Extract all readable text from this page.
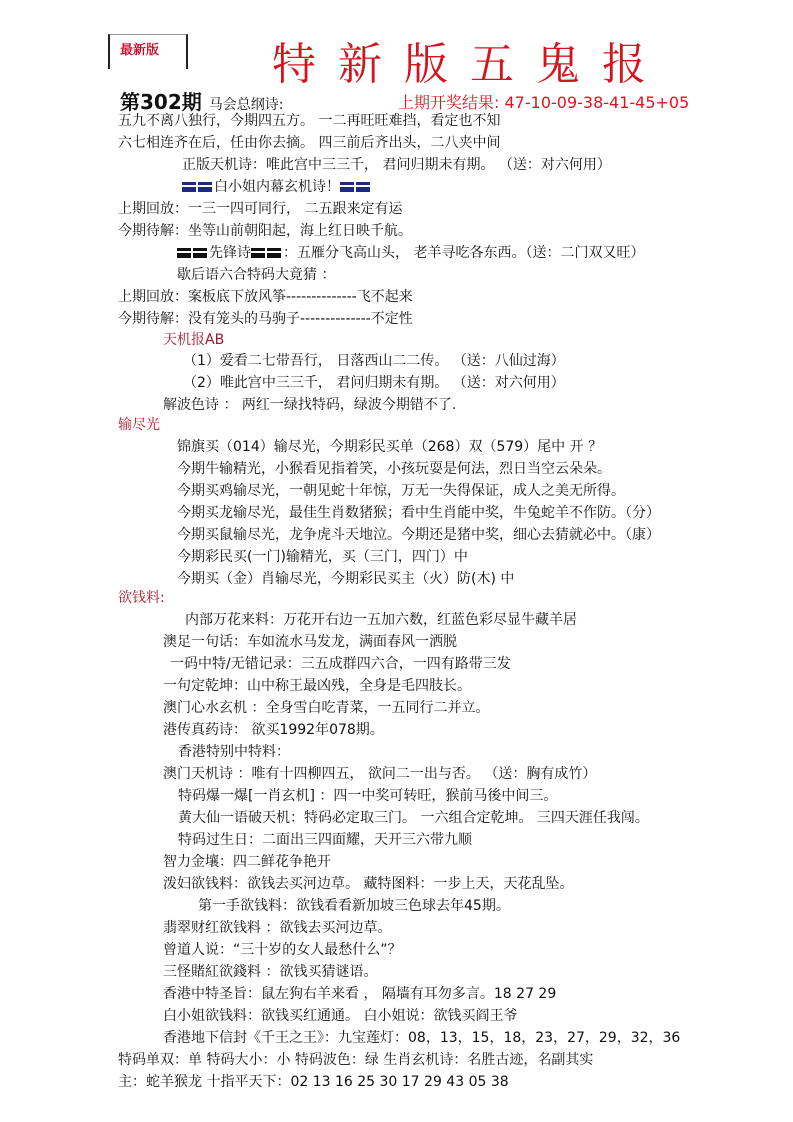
最新版	特新版五鬼报
第302期 马会总纲诗:	上期开奖结果: 47-10-09-38-41-45+05
五九不离八独行，今期四五方。 一二再旺旺难挡，看定也不知
六七相连齐在后，任由你去摘。 四三前后齐出头，二八夹中间
正版天机诗：唯此宫中三三千， 君问归期未有期。 （送：对六何用）
上期回放：一三一四可同行， 二五跟来定有运
今期待解：坐等山前朝阳起，海上红日映千航。
歇后语六合特码大竟猜 ：
上期回放：案板底下放风筝--------------飞不起来
今期待解：没有笼头的马驹子--------------不定性
（1）爱看二七带吾行， 日落西山二二传。 （送：八仙过海）
（2）唯此宫中三三千， 君问归期未有期。 （送：对六何用）
解波色诗 ： 两红一绿找特码，绿波今期错不了.
锦旗买（014）输尽光，今期彩民买单（268）双（579）尾中 开 ？
今期牛输精光，小猴看见指着笑，小孩玩耍是何法，烈日当空云朵朵。
今期买鸡输尽光，一朝见蛇十年惊，万无一失得保证，成人之美无所得。
今期买龙输尽光，最佳生肖数猪猴；看中生肖能中奖，牛兔蛇羊不作防。（分）
今期买鼠输尽光，龙争虎斗天地泣。今期还是猪中奖，细心去猜就必中。（康）
今期彩民买(一门)输精光，买（三门，四门）中
今期买（金）肖输尽光，今期彩民买主（火）防(木) 中
内部万花来料：万花开右边一五加六数，红蓝色彩尽显牛藏羊居
澳足一句话：车如流水马发龙，满面春风一洒脱
一码中特/无错记录：三五成群四六合，一四有路带三发
一句定乾坤：山中称王最凶残，全身是毛四肢长。
澳门心水玄机 ：全身雪白吃青菜，一五同行二并立。
港传真药诗： 欲买1992年078期。
香港特别中特料：
澳门天机诗 ：唯有十四柳四五， 欲问二一出与否。 （送：胸有成竹）
特码爆一爆[一肖玄机] ：四一中奖可转旺，猴前马後中间三。
黄大仙一语破天机：特码必定取三门。 一六组合定乾坤。 三四天涯任我闯。
特码过生日：二面出三四面耀，天开三六带九顺
智力金壤：四二鲜花争艳开
泼妇欲钱料：欲钱去买河边草。 藏特图料：一步上天，天花乱坠。
第一手欲钱料：欲钱看看新加坡三色球去年45期。
翡翠财红欲钱料 ：欲钱去买河边草。
曾道人说：“三十岁的女人最愁什么”？
三怪賭紅欲錢料 ：欲钱买猜谜语。
香港中特圣旨：鼠左狗右羊来看 ， 隔墙有耳勿多言。18 27 29
白小姐欲钱料：欲钱买红通通。 白小姐说：欲钱买阎王爷
香港地下信封《千王之王》：九宝莲灯：08，13，15，18，23，27，29，32，36
特码单双：单 特码大小：小 特码波色：绿 生肖玄机诗：名胜古迹，名副其实
主：蛇羊猴龙 十指平天下：02 13 16 25 30 17 29 43 05 38
白小姐内幕玄机诗！
先锋诗 ：五雁分飞高山头， 老羊寻吃各东西。（送：二门双又旺）
天机报AB
输尽光
欲钱料:
